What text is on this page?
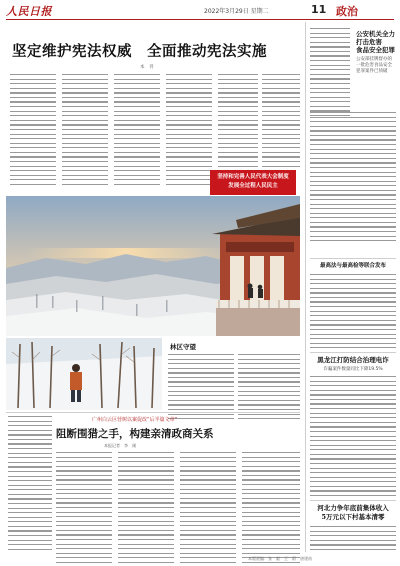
人民日报	2022年3月29日 星期二	11 政治
坚定维护宪法权威　全面推动宪法实施
本　刊
坚持和完善人民代表大会制度
发展全过程人民民主
林区守望
广州白云区营树以案促改“后半篇文章”
阻断围猎之手，构建亲清政商关系
本报记者　李　刚
公安机关全力打击危害
食品安全犯罪
公安部挂牌督办的一批危害食品安全犯罪案件已侦破
最高法与最高检等联合发布
黑龙江打防结合治理电诈
诈骗案件数量同比下降19.5%
河北力争年底前集体收入
5万元以下村基本清零
本版责编：张　毅　王　蔚　唐建南
